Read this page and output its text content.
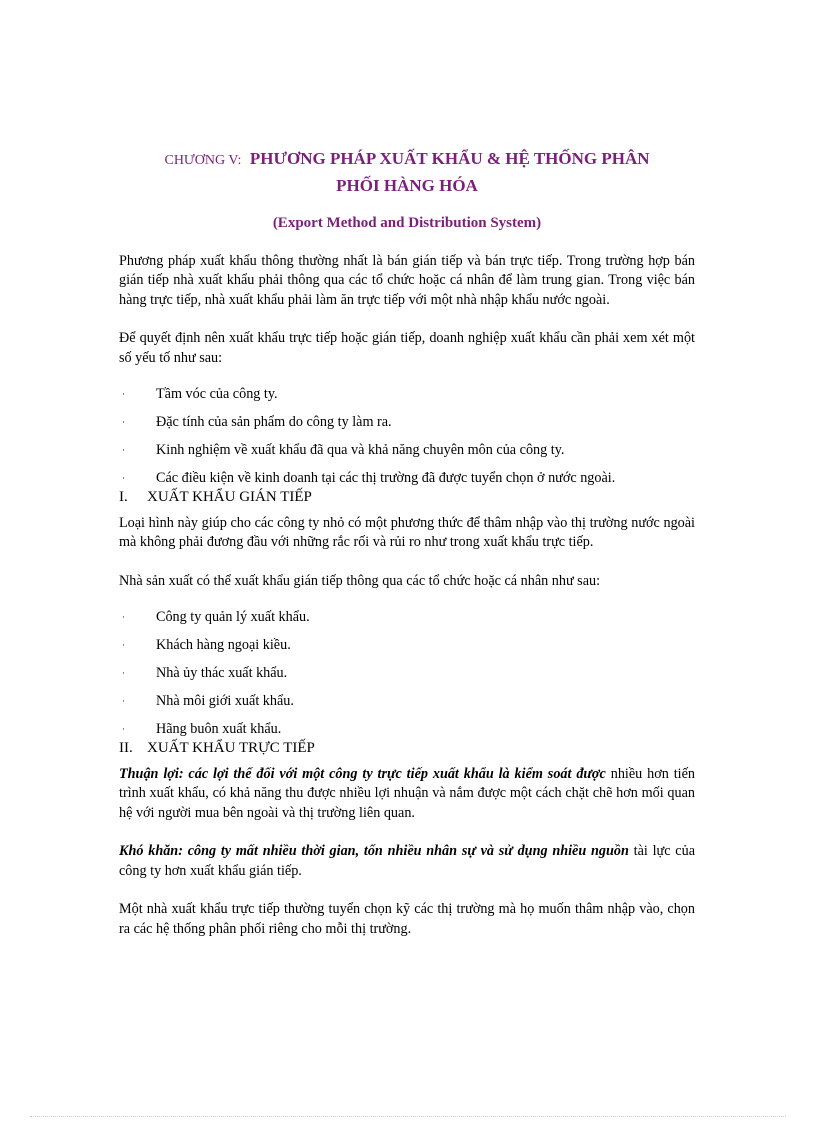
CHƯƠNG V: PHƯƠNG PHÁP XUẤT KHẨU & HỆ THỐNG PHÂN
PHỐI HÀNG HÓA
(Export Method and Distribution System)

Phương pháp xuất khẩu thông thường nhất là bán gián tiếp và bán trực tiếp. Trong trường hợp bán gián tiếp nhà xuất khẩu phải thông qua các tổ chức hoặc cá nhân để làm trung gian. Trong việc bán hàng trực tiếp, nhà xuất khẩu phải làm ăn trực tiếp với một nhà nhập khẩu nước ngoài.

Để quyết định nên xuất khẩu trực tiếp hoặc gián tiếp, doanh nghiệp xuất khẩu cần phải xem xét một số yếu tố như sau:

· Tầm vóc của công ty.
· Đặc tính của sản phẩm do công ty làm ra.
· Kinh nghiệm về xuất khẩu đã qua và khả năng chuyên môn của công ty.
· Các điều kiện về kinh doanh tại các thị trường đã được tuyển chọn ở nước ngoài.
I. XUẤT KHẨU GIÁN TIẾP

Loại hình này giúp cho các công ty nhỏ có một phương thức để thâm nhập vào thị trường nước ngoài mà không phải đương đầu với những rắc rối và rủi ro như trong xuất khẩu trực tiếp.

Nhà sản xuất có thể xuất khẩu gián tiếp thông qua các tổ chức hoặc cá nhân như sau:

· Công ty quản lý xuất khẩu.
· Khách hàng ngoại kiều.
· Nhà ủy thác xuất khẩu.
· Nhà môi giới xuất khẩu.
· Hãng buôn xuất khẩu.
II. XUẤT KHẨU TRỰC TIẾP

Thuận lợi: các lợi thế đối với một công ty trực tiếp xuất khẩu là kiểm soát được nhiều hơn tiến trình xuất khẩu, có khả năng thu được nhiều lợi nhuận và nắm được một cách chặt chẽ hơn mối quan hệ với người mua bên ngoài và thị trường liên quan.

Khó khăn: công ty mất nhiều thời gian, tốn nhiều nhân sự và sử dụng nhiều nguồn tài lực của công ty hơn xuất khẩu gián tiếp.

Một nhà xuất khẩu trực tiếp thường tuyển chọn kỹ các thị trường mà họ muốn thâm nhập vào, chọn ra các hệ thống phân phối riêng cho mỗi thị trường.
